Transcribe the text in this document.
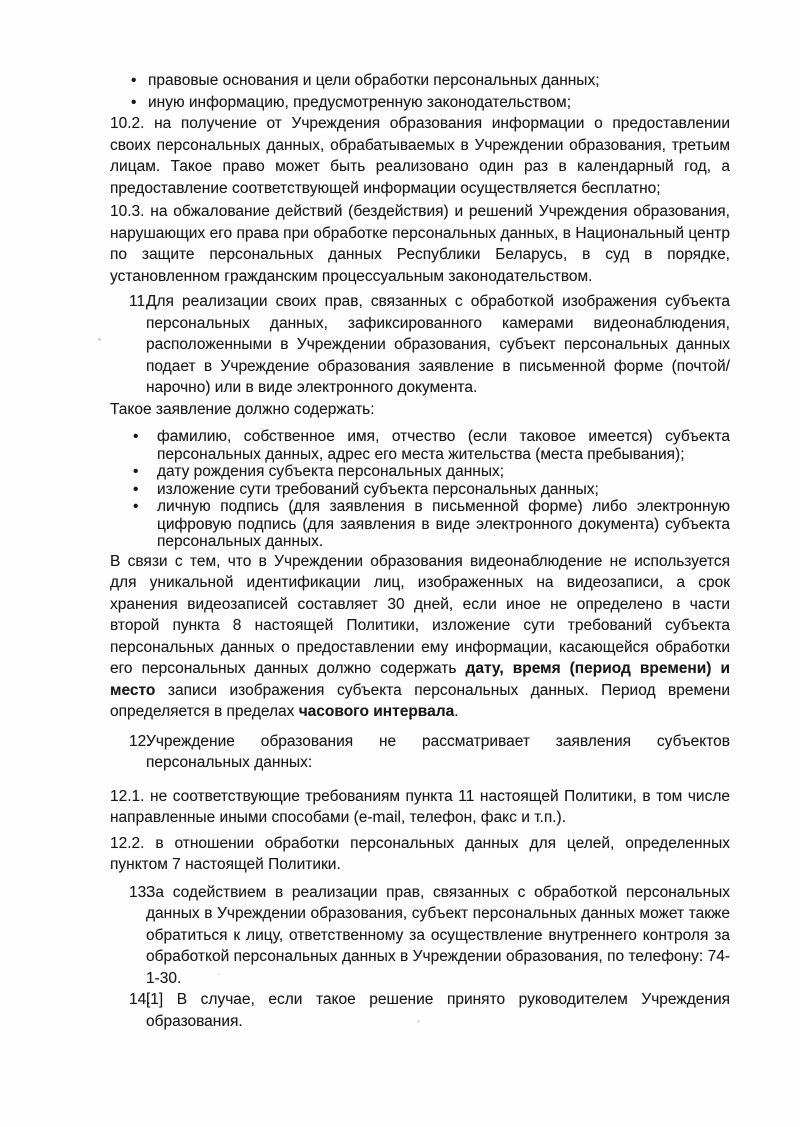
• правовые основания и цели обработки персональных данных;
• иную информацию, предусмотренную законодательством;

10.2. на получение от Учреждения образования информации о предоставлении своих персональных данных, обрабатываемых в Учреждении образования, третьим лицам. Такое право может быть реализовано один раз в календарный год, а предоставление соответствующей информации осуществляется бесплатно;

10.3. на обжалование действий (бездействия) и решений Учреждения образования, нарушающих его права при обработке персональных данных, в Национальный центр по защите персональных данных Республики Беларусь, в суд в порядке, установленном гражданским процессуальным законодательством.

11.
Для реализации своих прав, связанных с обработкой изображения субъекта персональных данных, зафиксированного камерами видеонаблюдения, расположенными в Учреждении образования, субъект персональных данных подает в Учреждение образования заявление в письменной форме (почтой/нарочно) или в виде электронного документа.

Такое заявление должно содержать:

• фамилию, собственное имя, отчество (если таковое имеется) субъекта персональных данных, адрес его места жительства (места пребывания);
• дату рождения субъекта персональных данных;
• изложение сути требований субъекта персональных данных;
• личную подпись (для заявления в письменной форме) либо электронную цифровую подпись (для заявления в виде электронного документа) субъекта персональных данных.

В связи с тем, что в Учреждении образования видеонаблюдение не используется для уникальной идентификации лиц, изображенных на видеозаписи, а срок хранения видеозаписей составляет 30 дней, если иное не определено в части второй пункта 8 настоящей Политики, изложение сути требований субъекта персональных данных о предоставлении ему информации, касающейся обработки его персональных данных должно содержать дату, время (период времени) и место записи изображения субъекта персональных данных. Период времени определяется в пределах часового интервала.

12.
Учреждение образования не рассматривает заявления субъектов персональных данных:

12.1. не соответствующие требованиям пункта 11 настоящей Политики, в том числе направленные иными способами (e-mail, телефон, факс и т.п.).

12.2. в отношении обработки персональных данных для целей, определенных пунктом 7 настоящей Политики.

13.
За содействием в реализации прав, связанных с обработкой персональных данных в Учреждении образования, субъект персональных данных может также обратиться к лицу, ответственному за осуществление внутреннего контроля за обработкой персональных данных в Учреждении образования, по телефону: 74-1-30.
14.
[1] В случае, если такое решение принято руководителем Учреждения образования.
